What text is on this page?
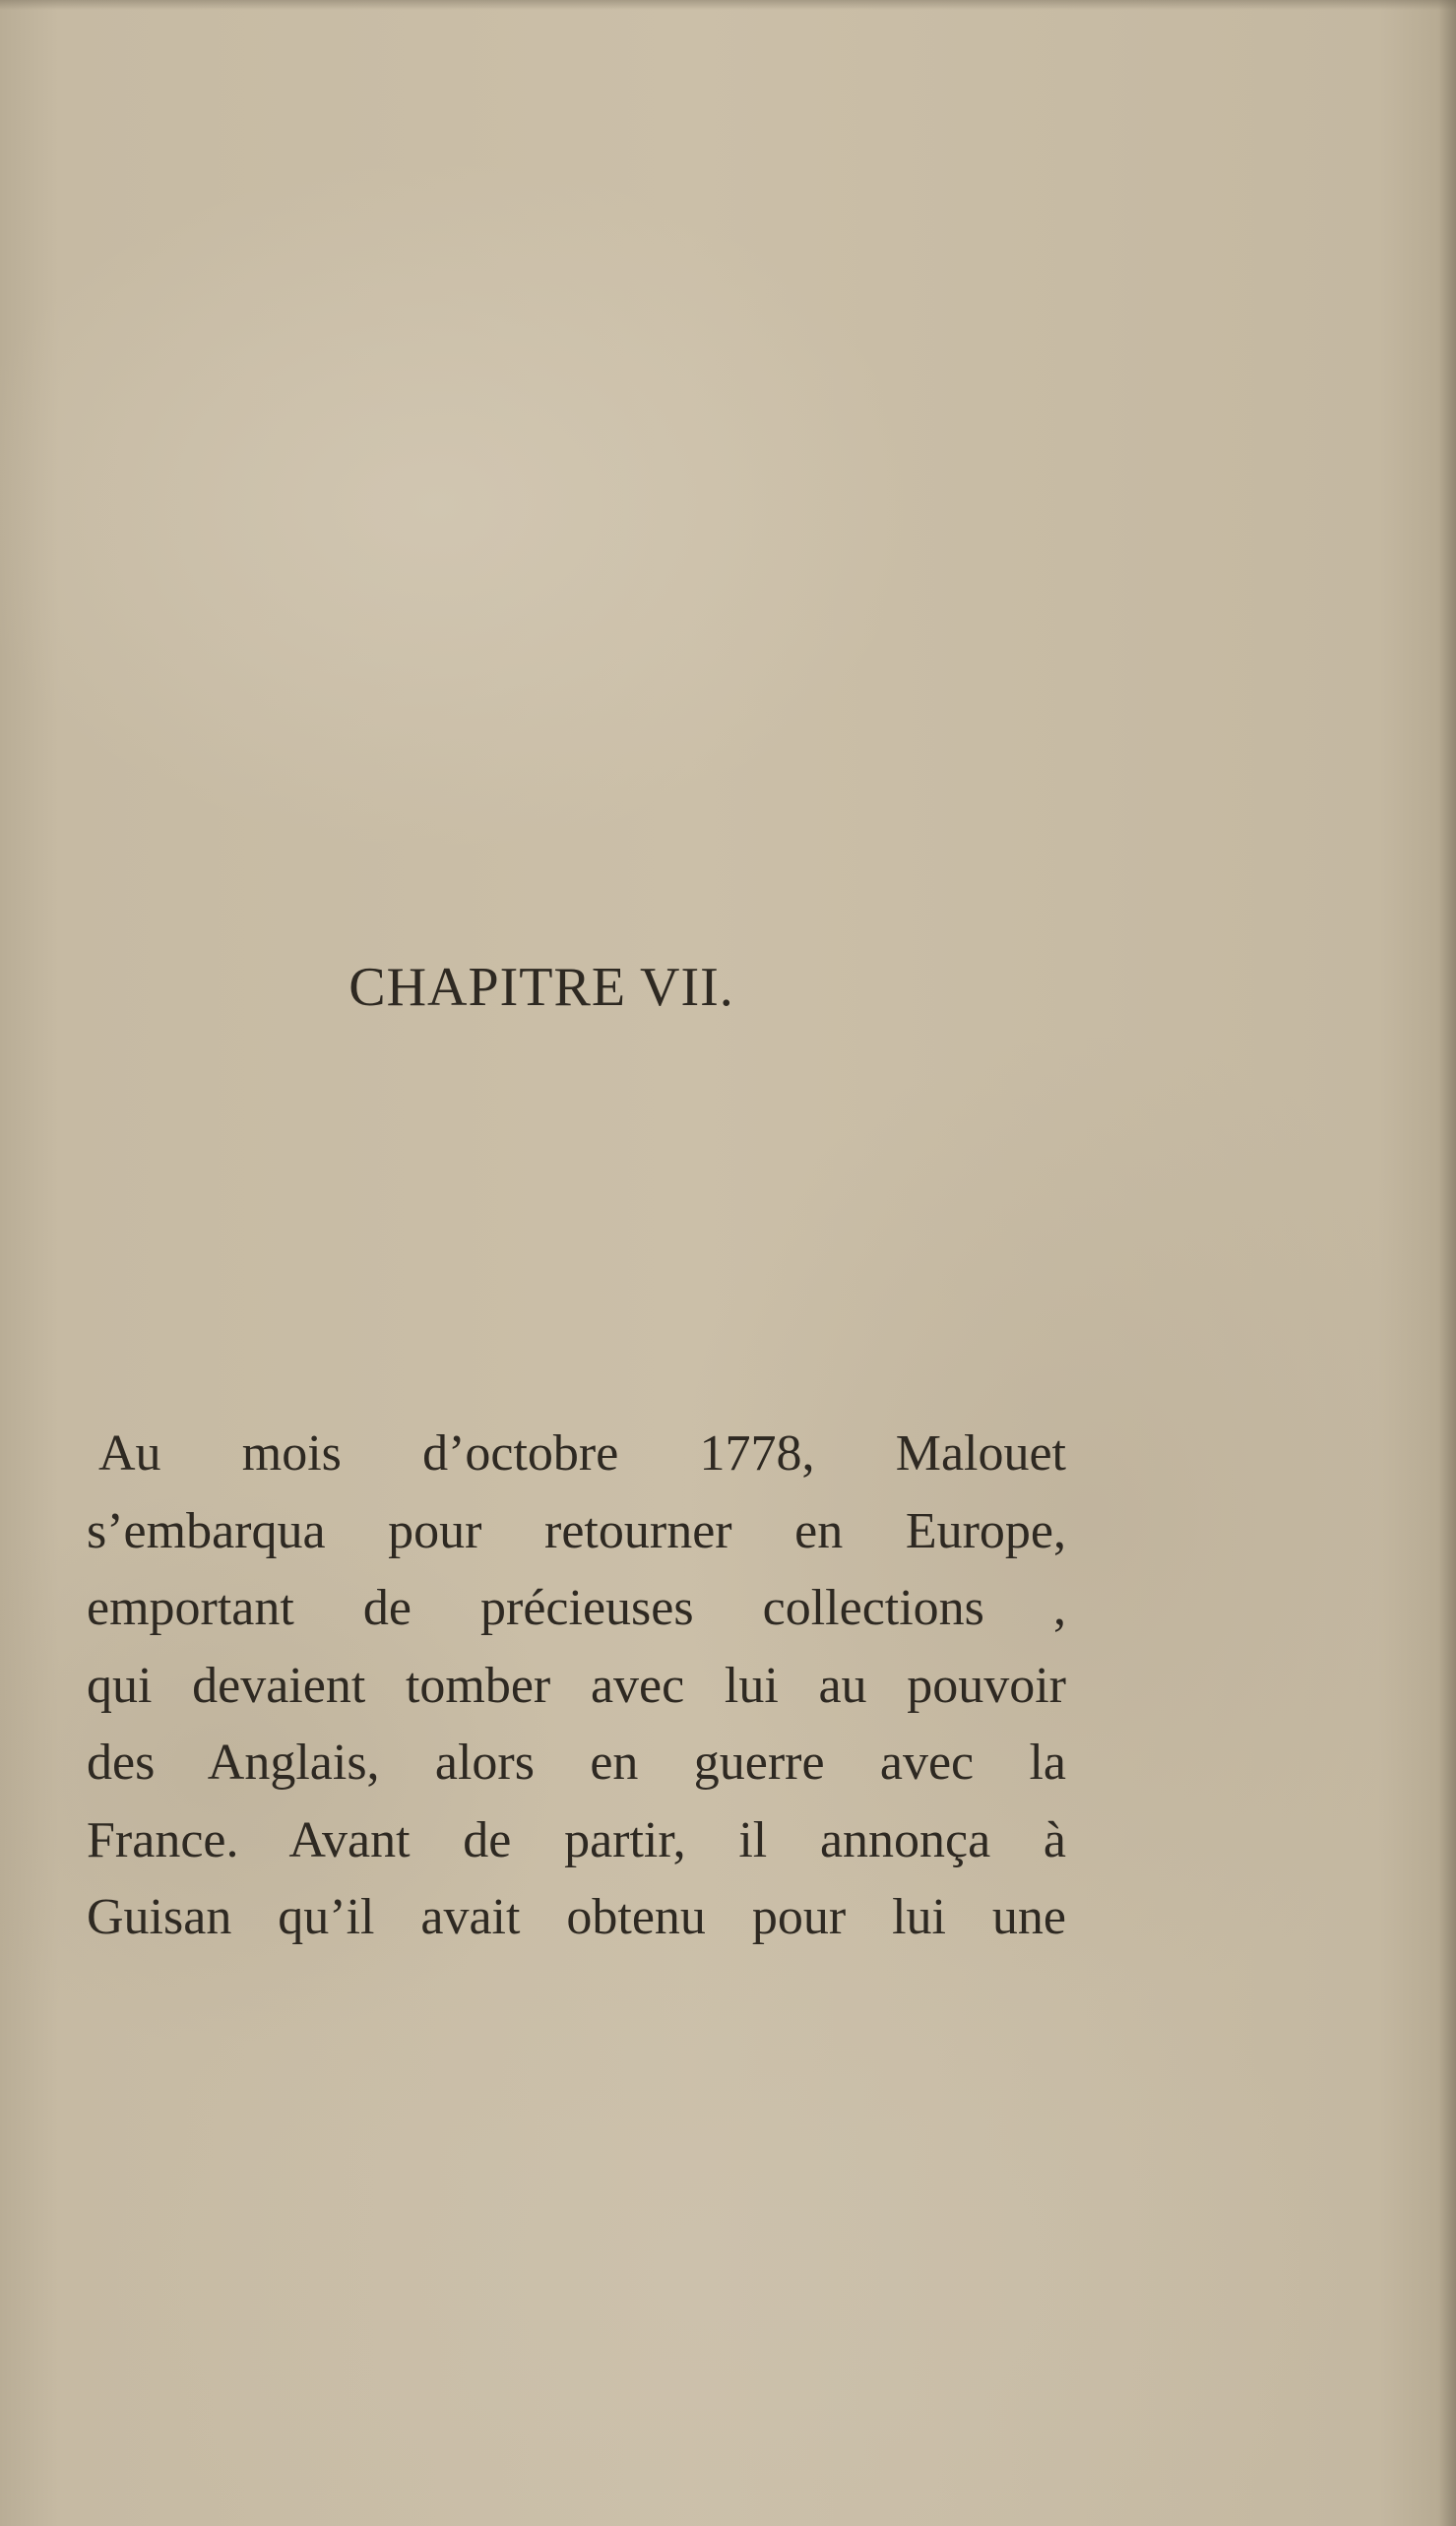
CHAPITRE VII.
Au mois d’octobre 1778, Malouet
s’embarqua pour retourner en Europe,
emportant de précieuses collections ,
qui devaient tomber avec lui au pouvoir
des Anglais, alors en guerre avec la
France. Avant de partir, il annonça à
Guisan qu’il avait obtenu pour lui une
